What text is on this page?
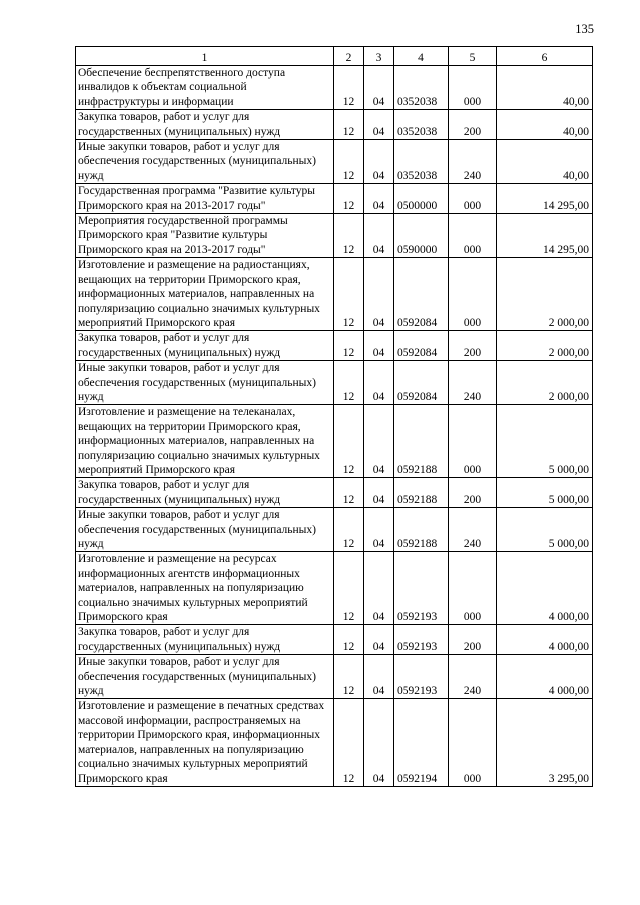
135
1	2	3	4	5	6
Обеспечение беспрепятственного доступа инвалидов к объектам социальной инфраструктуры и информации	12	04	0352038	000	40,00
Закупка товаров, работ и услуг для государственных (муниципальных) нужд	12	04	0352038	200	40,00
Иные закупки товаров, работ и услуг для обеспечения государственных (муниципальных) нужд	12	04	0352038	240	40,00
Государственная программа "Развитие культуры Приморского края на 2013-2017 годы"	12	04	0500000	000	14 295,00
Мероприятия государственной программы Приморского края "Развитие культуры Приморского края на 2013-2017 годы"	12	04	0590000	000	14 295,00
Изготовление и размещение на радиостанциях, вещающих на территории Приморского края, информационных материалов, направленных на популяризацию социально значимых культурных мероприятий Приморского края	12	04	0592084	000	2 000,00
Закупка товаров, работ и услуг для государственных (муниципальных) нужд	12	04	0592084	200	2 000,00
Иные закупки товаров, работ и услуг для обеспечения государственных (муниципальных) нужд	12	04	0592084	240	2 000,00
Изготовление и размещение на телеканалах, вещающих на территории Приморского края, информационных материалов, направленных на популяризацию социально значимых культурных мероприятий Приморского края	12	04	0592188	000	5 000,00
Закупка товаров, работ и услуг для государственных (муниципальных) нужд	12	04	0592188	200	5 000,00
Иные закупки товаров, работ и услуг для обеспечения государственных (муниципальных) нужд	12	04	0592188	240	5 000,00
Изготовление и размещение на ресурсах информационных агентств информационных материалов, направленных на популяризацию социально значимых культурных мероприятий Приморского края	12	04	0592193	000	4 000,00
Закупка товаров, работ и услуг для государственных (муниципальных) нужд	12	04	0592193	200	4 000,00
Иные закупки товаров, работ и услуг для обеспечения государственных (муниципальных) нужд	12	04	0592193	240	4 000,00
Изготовление и размещение в печатных средствах массовой информации, распространяемых на территории Приморского края, информационных материалов, направленных на популяризацию социально значимых культурных мероприятий Приморского края	12	04	0592194	000	3 295,00
